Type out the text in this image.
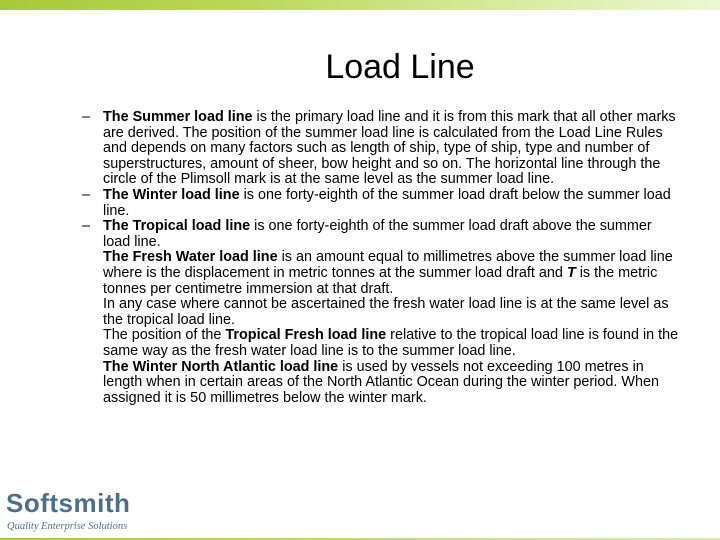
Load Line
– The Summer load line is the primary load line and it is from this mark that all other marks are derived. The position of the summer load line is calculated from the Load Line Rules and depends on many factors such as length of ship, type of ship, type and number of superstructures, amount of sheer, bow height and so on. The horizontal line through the circle of the Plimsoll mark is at the same level as the summer load line.
– The Winter load line is one forty-eighth of the summer load draft below the summer load line.
– The Tropical load line is one forty-eighth of the summer load draft above the summer load line.
The Fresh Water load line is an amount equal to millimetres above the summer load line where is the displacement in metric tonnes at the summer load draft and T is the metric tonnes per centimetre immersion at that draft.
In any case where cannot be ascertained the fresh water load line is at the same level as the tropical load line.
The position of the Tropical Fresh load line relative to the tropical load line is found in the same way as the fresh water load line is to the summer load line.
The Winter North Atlantic load line is used by vessels not exceeding 100 metres in length when in certain areas of the North Atlantic Ocean during the winter period. When assigned it is 50 millimetres below the winter mark.
Softsmith
Quality Enterprise Solutions
